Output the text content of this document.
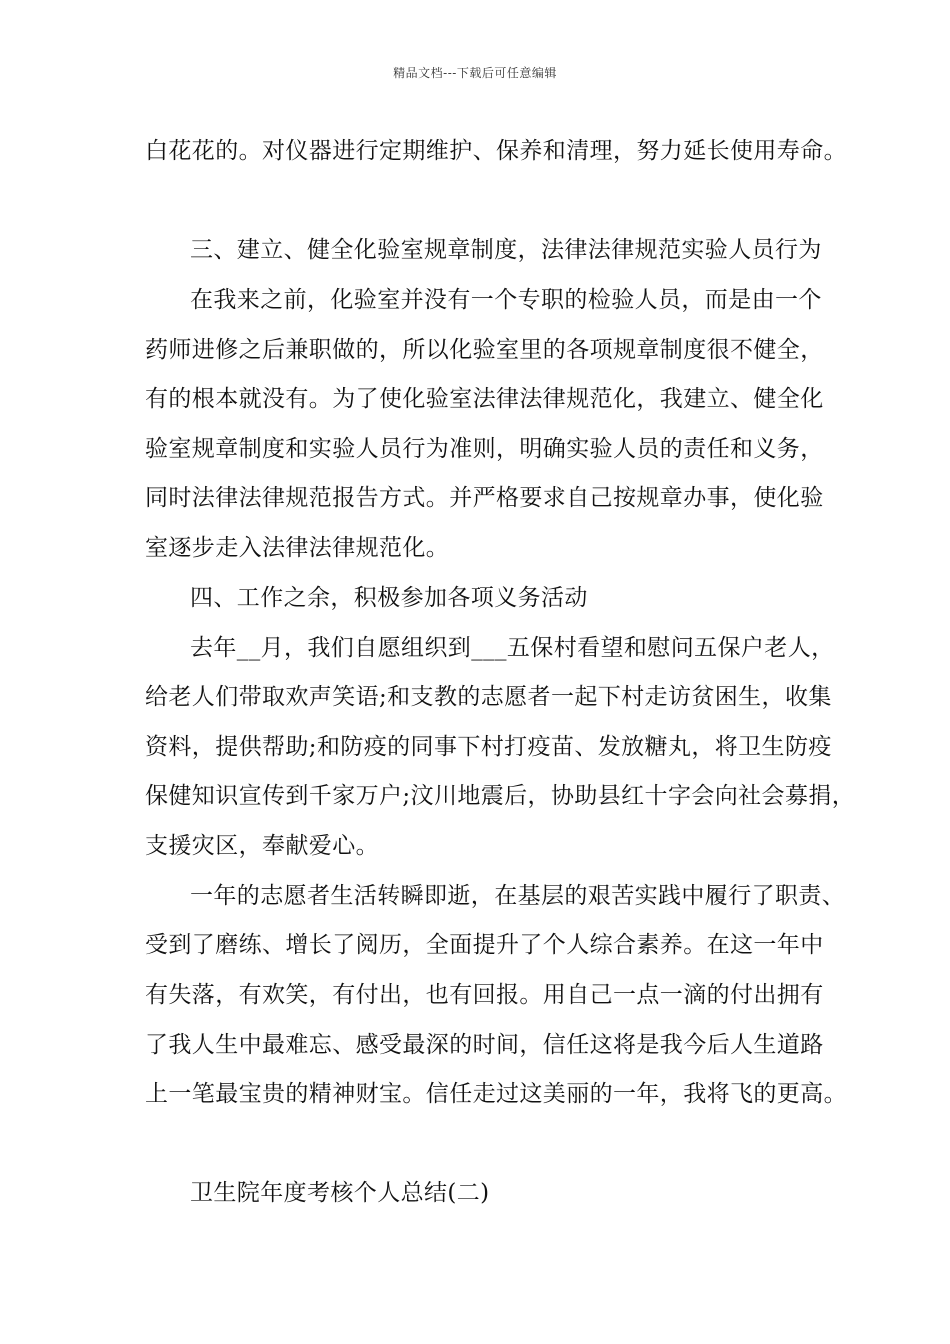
精品文档---下载后可任意编辑
白花花的。对仪器进行定期维护、保养和清理，努力延长使用寿命。
三、建立、健全化验室规章制度，法律法律规范实验人员行为
在我来之前，化验室并没有一个专职的检验人员，而是由一个
药师进修之后兼职做的，所以化验室里的各项规章制度很不健全，
有的根本就没有。为了使化验室法律法律规范化，我建立、健全化
验室规章制度和实验人员行为准则，明确实验人员的责任和义务，
同时法律法律规范报告方式。并严格要求自己按规章办事，使化验
室逐步走入法律法律规范化。
四、工作之余，积极参加各项义务活动
去年__月，我们自愿组织到___五保村看望和慰问五保户老人，
给老人们带取欢声笑语;和支教的志愿者一起下村走访贫困生，收集
资料，提供帮助;和防疫的同事下村打疫苗、发放糖丸，将卫生防疫
保健知识宣传到千家万户;汶川地震后，协助县红十字会向社会募捐，
支援灾区，奉献爱心。
一年的志愿者生活转瞬即逝，在基层的艰苦实践中履行了职责、
受到了磨练、增长了阅历，全面提升了个人综合素养。在这一年中
有失落，有欢笑，有付出，也有回报。用自己一点一滴的付出拥有
了我人生中最难忘、感受最深的时间，信任这将是我今后人生道路
上一笔最宝贵的精神财宝。信任走过这美丽的一年，我将飞的更高。
卫生院年度考核个人总结(二)
